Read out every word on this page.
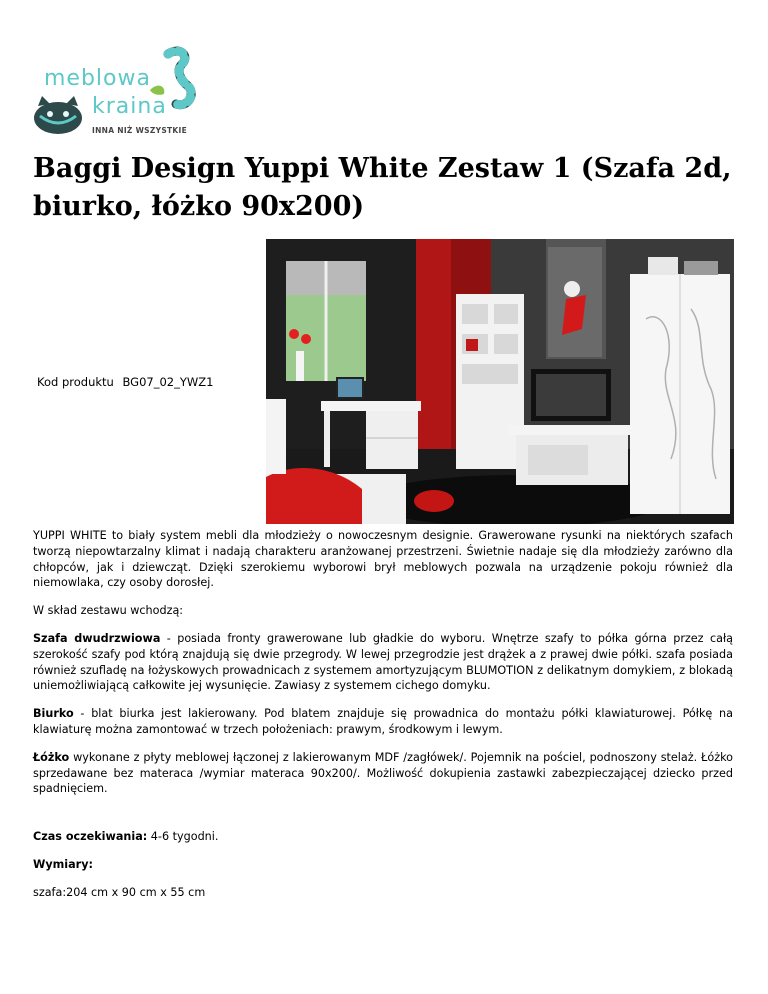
meblowa
kraina
INNA NIŻ WSZYSTKIE
Baggi Design Yuppi White Zestaw 1 (Szafa 2d, biurko, łóżko 90x200)
Kod produktu BG07_02_YWZ1

YUPPI WHITE to biały system mebli dla młodzieży o nowoczesnym designie. Grawerowane rysunki na niektórych szafach tworzą niepowtarzalny klimat i nadają charakteru aranżowanej przestrzeni. Świetnie nadaje się dla młodzieży zarówno dla chłopców, jak i dziewcząt. Dzięki szerokiemu wyborowi brył meblowych pozwala na urządzenie pokoju również dla niemowlaka, czy osoby dorosłej.

W skład zestawu wchodzą:

Szafa dwudrzwiowa - posiada fronty grawerowane lub gładkie do wyboru. Wnętrze szafy to półka górna przez całą szerokość szafy pod którą znajdują się dwie przegrody. W lewej przegrodzie jest drążek a z prawej dwie półki. szafa posiada również szufladę na łożyskowych prowadnicach z systemem amortyzującym BLUMOTION z delikatnym domykiem, z blokadą uniemożliwiającą całkowite jej wysunięcie. Zawiasy z systemem cichego domyku.

Biurko - blat biurka jest lakierowany. Pod blatem znajduje się prowadnica do montażu półki klawiaturowej. Półkę na klawiaturę można zamontować w trzech położeniach: prawym, środkowym i lewym.

Łóżko wykonane z płyty meblowej łączonej z lakierowanym MDF /zagłówek/. Pojemnik na pościel, podnoszony stelaż. Łóżko sprzedawane bez materaca /wymiar materaca 90x200/. Możliwość dokupienia zastawki zabezpieczającej dziecko przed spadnięciem.

Czas oczekiwania: 4-6 tygodni.

Wymiary:

szafa:204 cm x 90 cm x 55 cm
